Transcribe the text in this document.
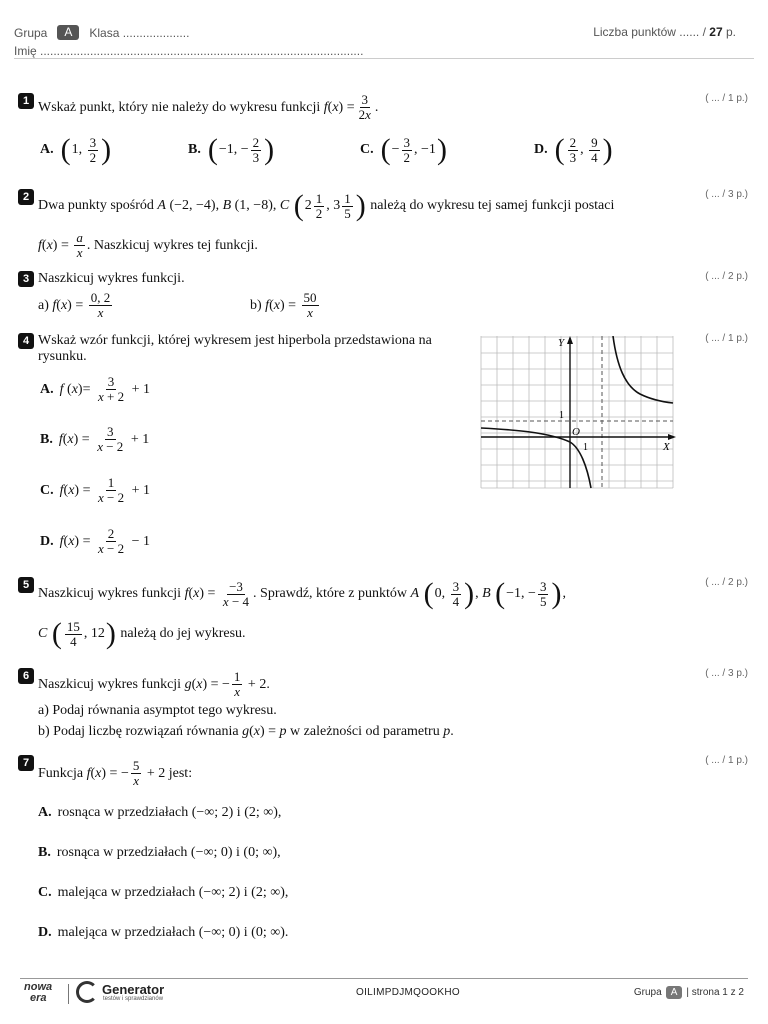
Grupa	A	Klasa ....................
Imię .................................................................................................
Liczba punktów ...... / 27 p.
1	( ... / 1 p.)
Wskaż punkt, który nie należy do wykresu funkcji $f(x) = \frac{3}{2x}$ .
A. ( 1, 3
2 )	B. ( −1, − 2
3 )	C. ( − 3
2 , −1 )	D. ( 2
3 , 9
4 )
2	( ... / 3 p.)
Dwa punkty spośród
A (−2, −4), B (1, −8), C
( 2 1
2 , 3 1
5 )
należą do wykresu tej samej funkcji postaci
f ( x ) = a
x . Naszkicuj wykres tej funkcji.
3	( ... / 2 p.)
Naszkicuj wykres funkcji.
a)
f ( x ) = 0, 2
x	b)
f ( x ) = 50
x
4	( ... / 1 p.)
Wskaż wzór funkcji, której wykresem jest hiperbola przedstawiona na
rysunku.
A. f ( x )= 3
x + 2 + 1
B. f ( x ) = 3
x − 2 + 1
C. f ( x ) = 1
x − 2 + 1
D. f ( x ) = 2
x − 2 − 1
Y
X
O
1
1
5	( ... / 2 p.)
Naszkicuj wykres funkcji
f ( x ) = −3
x − 4 . Sprawdź, które z punktów
A
( 0, 3
4 ) , B
( −1, − 3
5 ) ,
C
( 15
4 , 12 )
należą do jej wykresu.
6	( ... / 3 p.)
Naszkicuj wykres funkcji
g ( x ) = − 1
x + 2.
a) Podaj równania asymptot tego wykresu.
b) Podaj liczbę rozwiązań równania
g ( x ) = p
w zależności od parametru
p .
7	( ... / 1 p.)
Funkcja
f ( x ) = − 5
x + 2 jest:
A. rosnąca w przedziałach (−∞; 2) i (2; ∞),
B. rosnąca w przedziałach (−∞; 0) i (0; ∞),
C. malejąca w przedziałach (−∞; 2) i (2; ∞),
D. malejąca w przedziałach (−∞; 0) i (0; ∞).
nowa
era
Generator
testów i sprawdzianów
OILIMPDJMQOOKHO	Grupa A | strona 1 z 2
